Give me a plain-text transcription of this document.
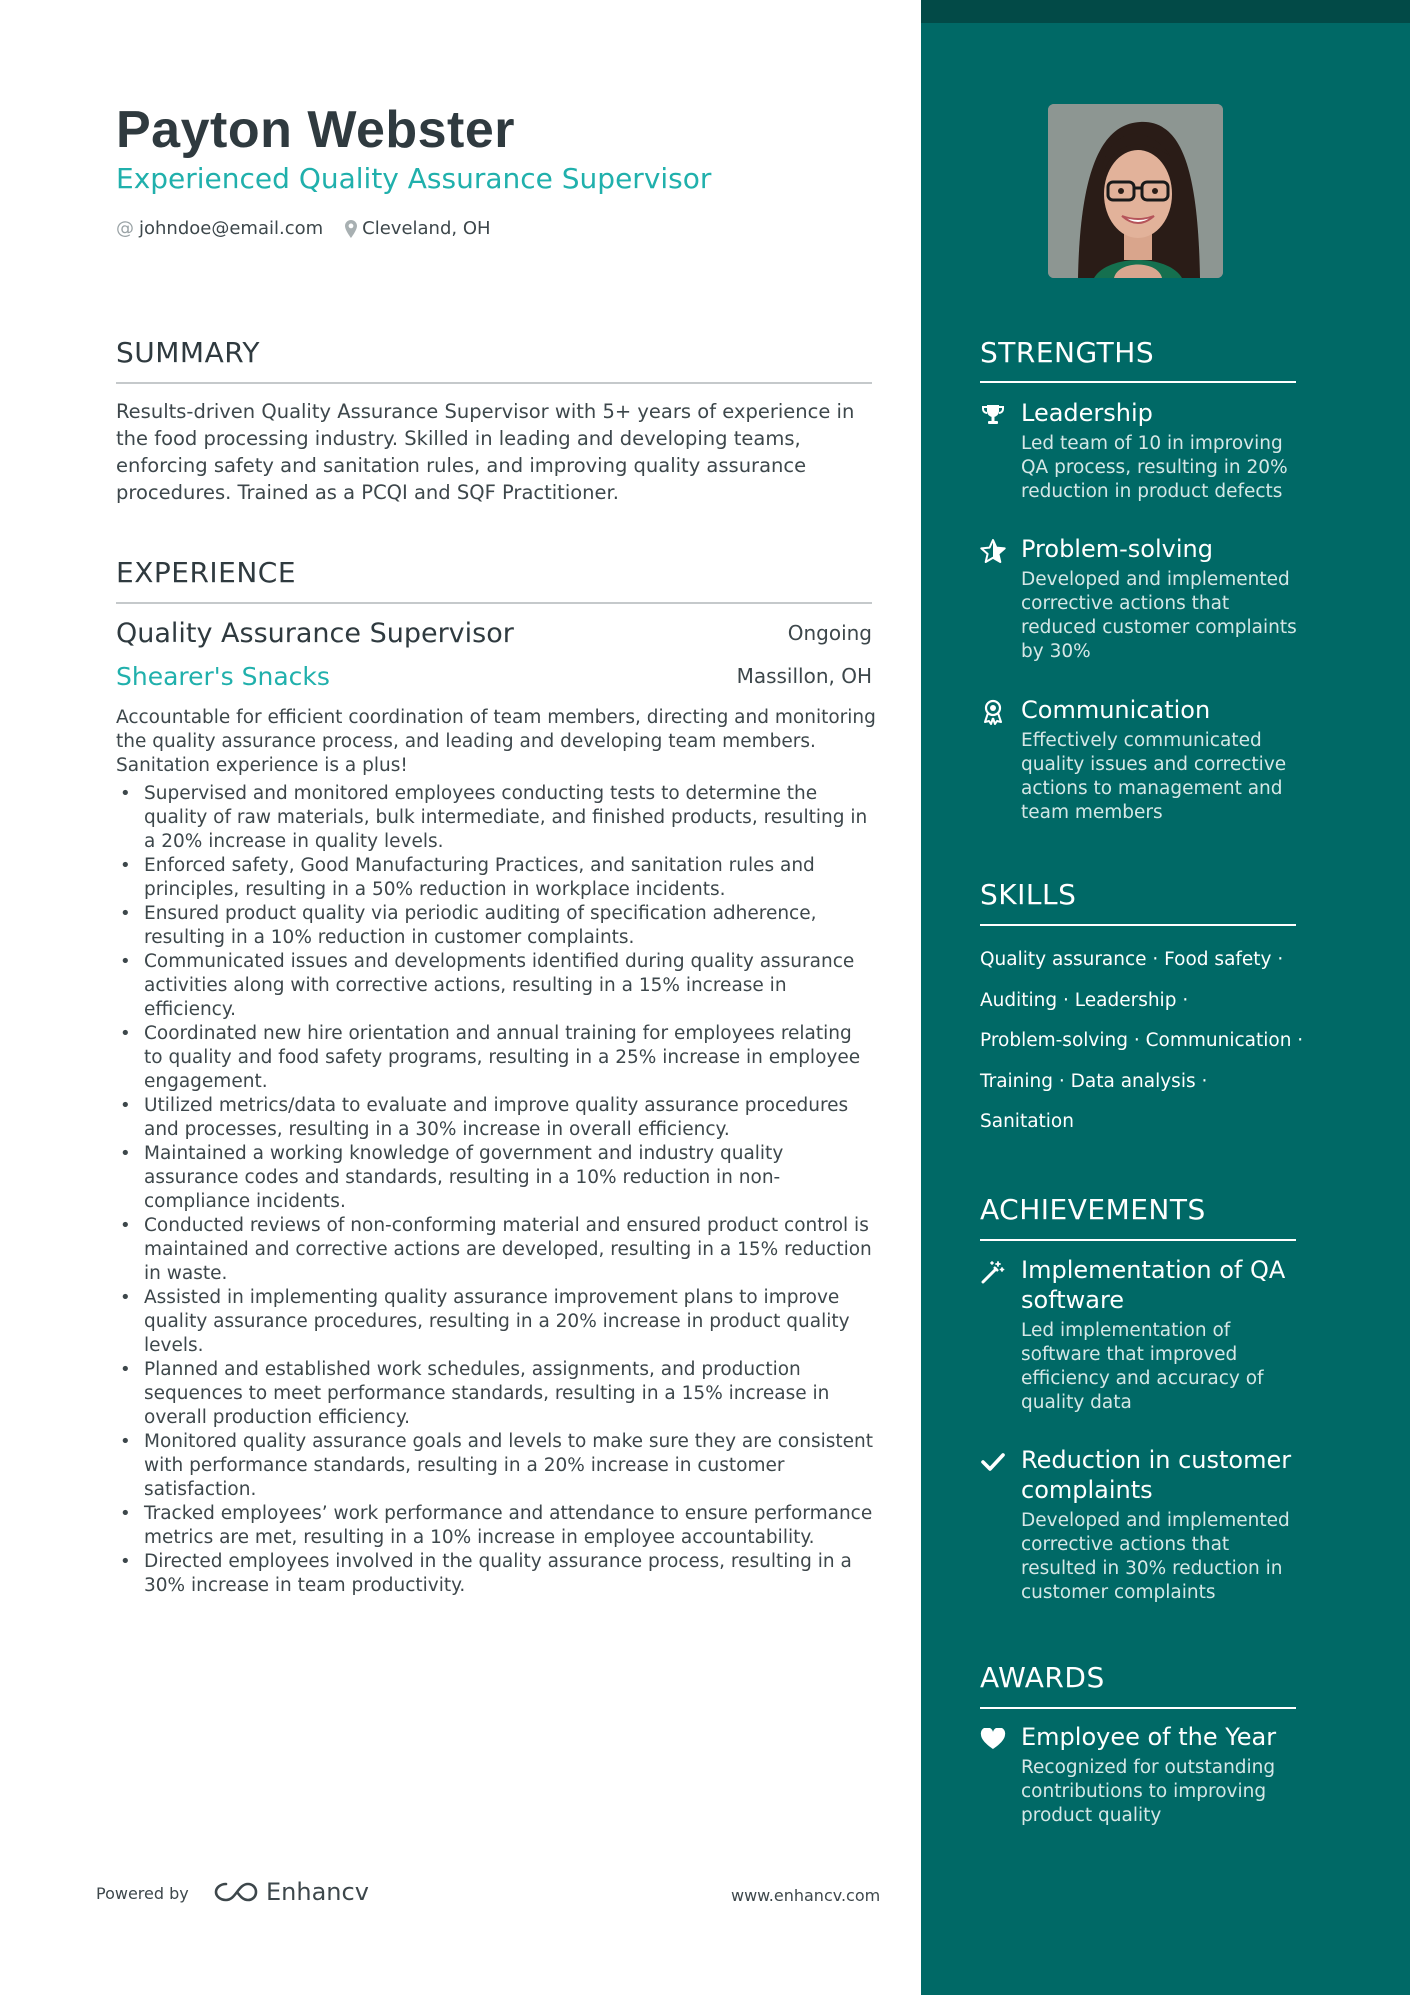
Payton Webster
Experienced Quality Assurance Supervisor
@ johndoe@email.com Cleveland, OH
SUMMARY
Results-driven Quality Assurance Supervisor with 5+ years of experience in the food processing industry. Skilled in leading and developing teams, enforcing safety and sanitation rules, and improving quality assurance procedures. Trained as a PCQI and SQF Practitioner.
EXPERIENCE
Quality Assurance Supervisor	Ongoing
Shearer's Snacks	Massillon, OH
Accountable for efficient coordination of team members, directing and monitoring the quality assurance process, and leading and developing team members. Sanitation experience is a plus!
• Supervised and monitored employees conducting tests to determine the quality of raw materials, bulk intermediate, and finished products, resulting in a 20% increase in quality levels.
• Enforced safety, Good Manufacturing Practices, and sanitation rules and principles, resulting in a 50% reduction in workplace incidents.
• Ensured product quality via periodic auditing of specification adherence, resulting in a 10% reduction in customer complaints.
• Communicated issues and developments identified during quality assurance activities along with corrective actions, resulting in a 15% increase in efficiency.
• Coordinated new hire orientation and annual training for employees relating to quality and food safety programs, resulting in a 25% increase in employee engagement.
• Utilized metrics/data to evaluate and improve quality assurance procedures and processes, resulting in a 30% increase in overall efficiency.
• Maintained a working knowledge of government and industry quality assurance codes and standards, resulting in a 10% reduction in non-compliance incidents.
• Conducted reviews of non-conforming material and ensured product control is maintained and corrective actions are developed, resulting in a 15% reduction in waste.
• Assisted in implementing quality assurance improvement plans to improve quality assurance procedures, resulting in a 20% increase in product quality levels.
• Planned and established work schedules, assignments, and production sequences to meet performance standards, resulting in a 15% increase in overall production efficiency.
• Monitored quality assurance goals and levels to make sure they are consistent with performance standards, resulting in a 20% increase in customer satisfaction.
• Tracked employees’ work performance and attendance to ensure performance metrics are met, resulting in a 10% increase in employee accountability.
• Directed employees involved in the quality assurance process, resulting in a 30% increase in team productivity.
Powered by	Enhancv	www.enhancv.com
STRENGTHS
Leadership
Led team of 10 in improving QA process, resulting in 20% reduction in product defects
Problem-solving
Developed and implemented corrective actions that reduced customer complaints by 30%
Communication
Effectively communicated quality issues and corrective actions to management and team members
SKILLS
Quality assurance · Food safety ·
Auditing · Leadership ·
Problem-solving · Communication ·
Training · Data analysis ·
Sanitation
ACHIEVEMENTS
Implementation of QA software
Led implementation of software that improved efficiency and accuracy of quality data
Reduction in customer complaints
Developed and implemented corrective actions that resulted in 30% reduction in customer complaints
AWARDS
Employee of the Year
Recognized for outstanding contributions to improving product quality
